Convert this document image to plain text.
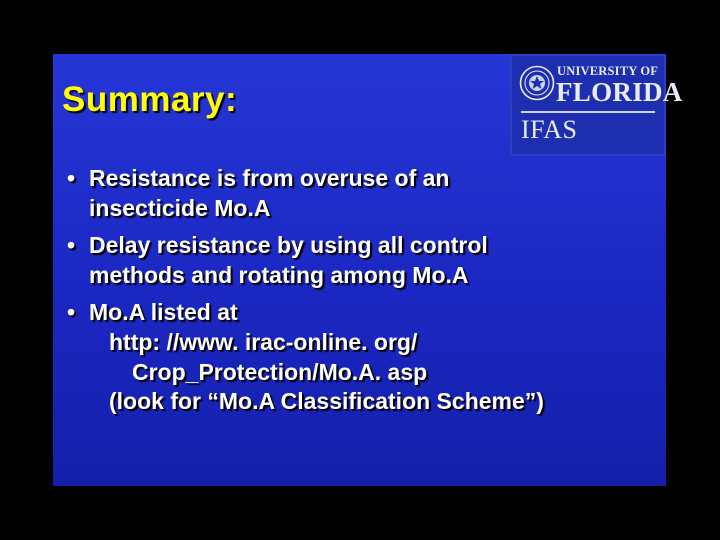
Summary:
UNIVERSITY OF
FLORIDA
IFAS
• Resistance is from overuse of an
insecticide Mo.A
• Delay resistance by using all control
methods and rotating among Mo.A
• Mo.A listed at
http: //www. irac-online. org/
Crop_Protection/Mo.A. asp
(look for “Mo.A Classification Scheme”)
